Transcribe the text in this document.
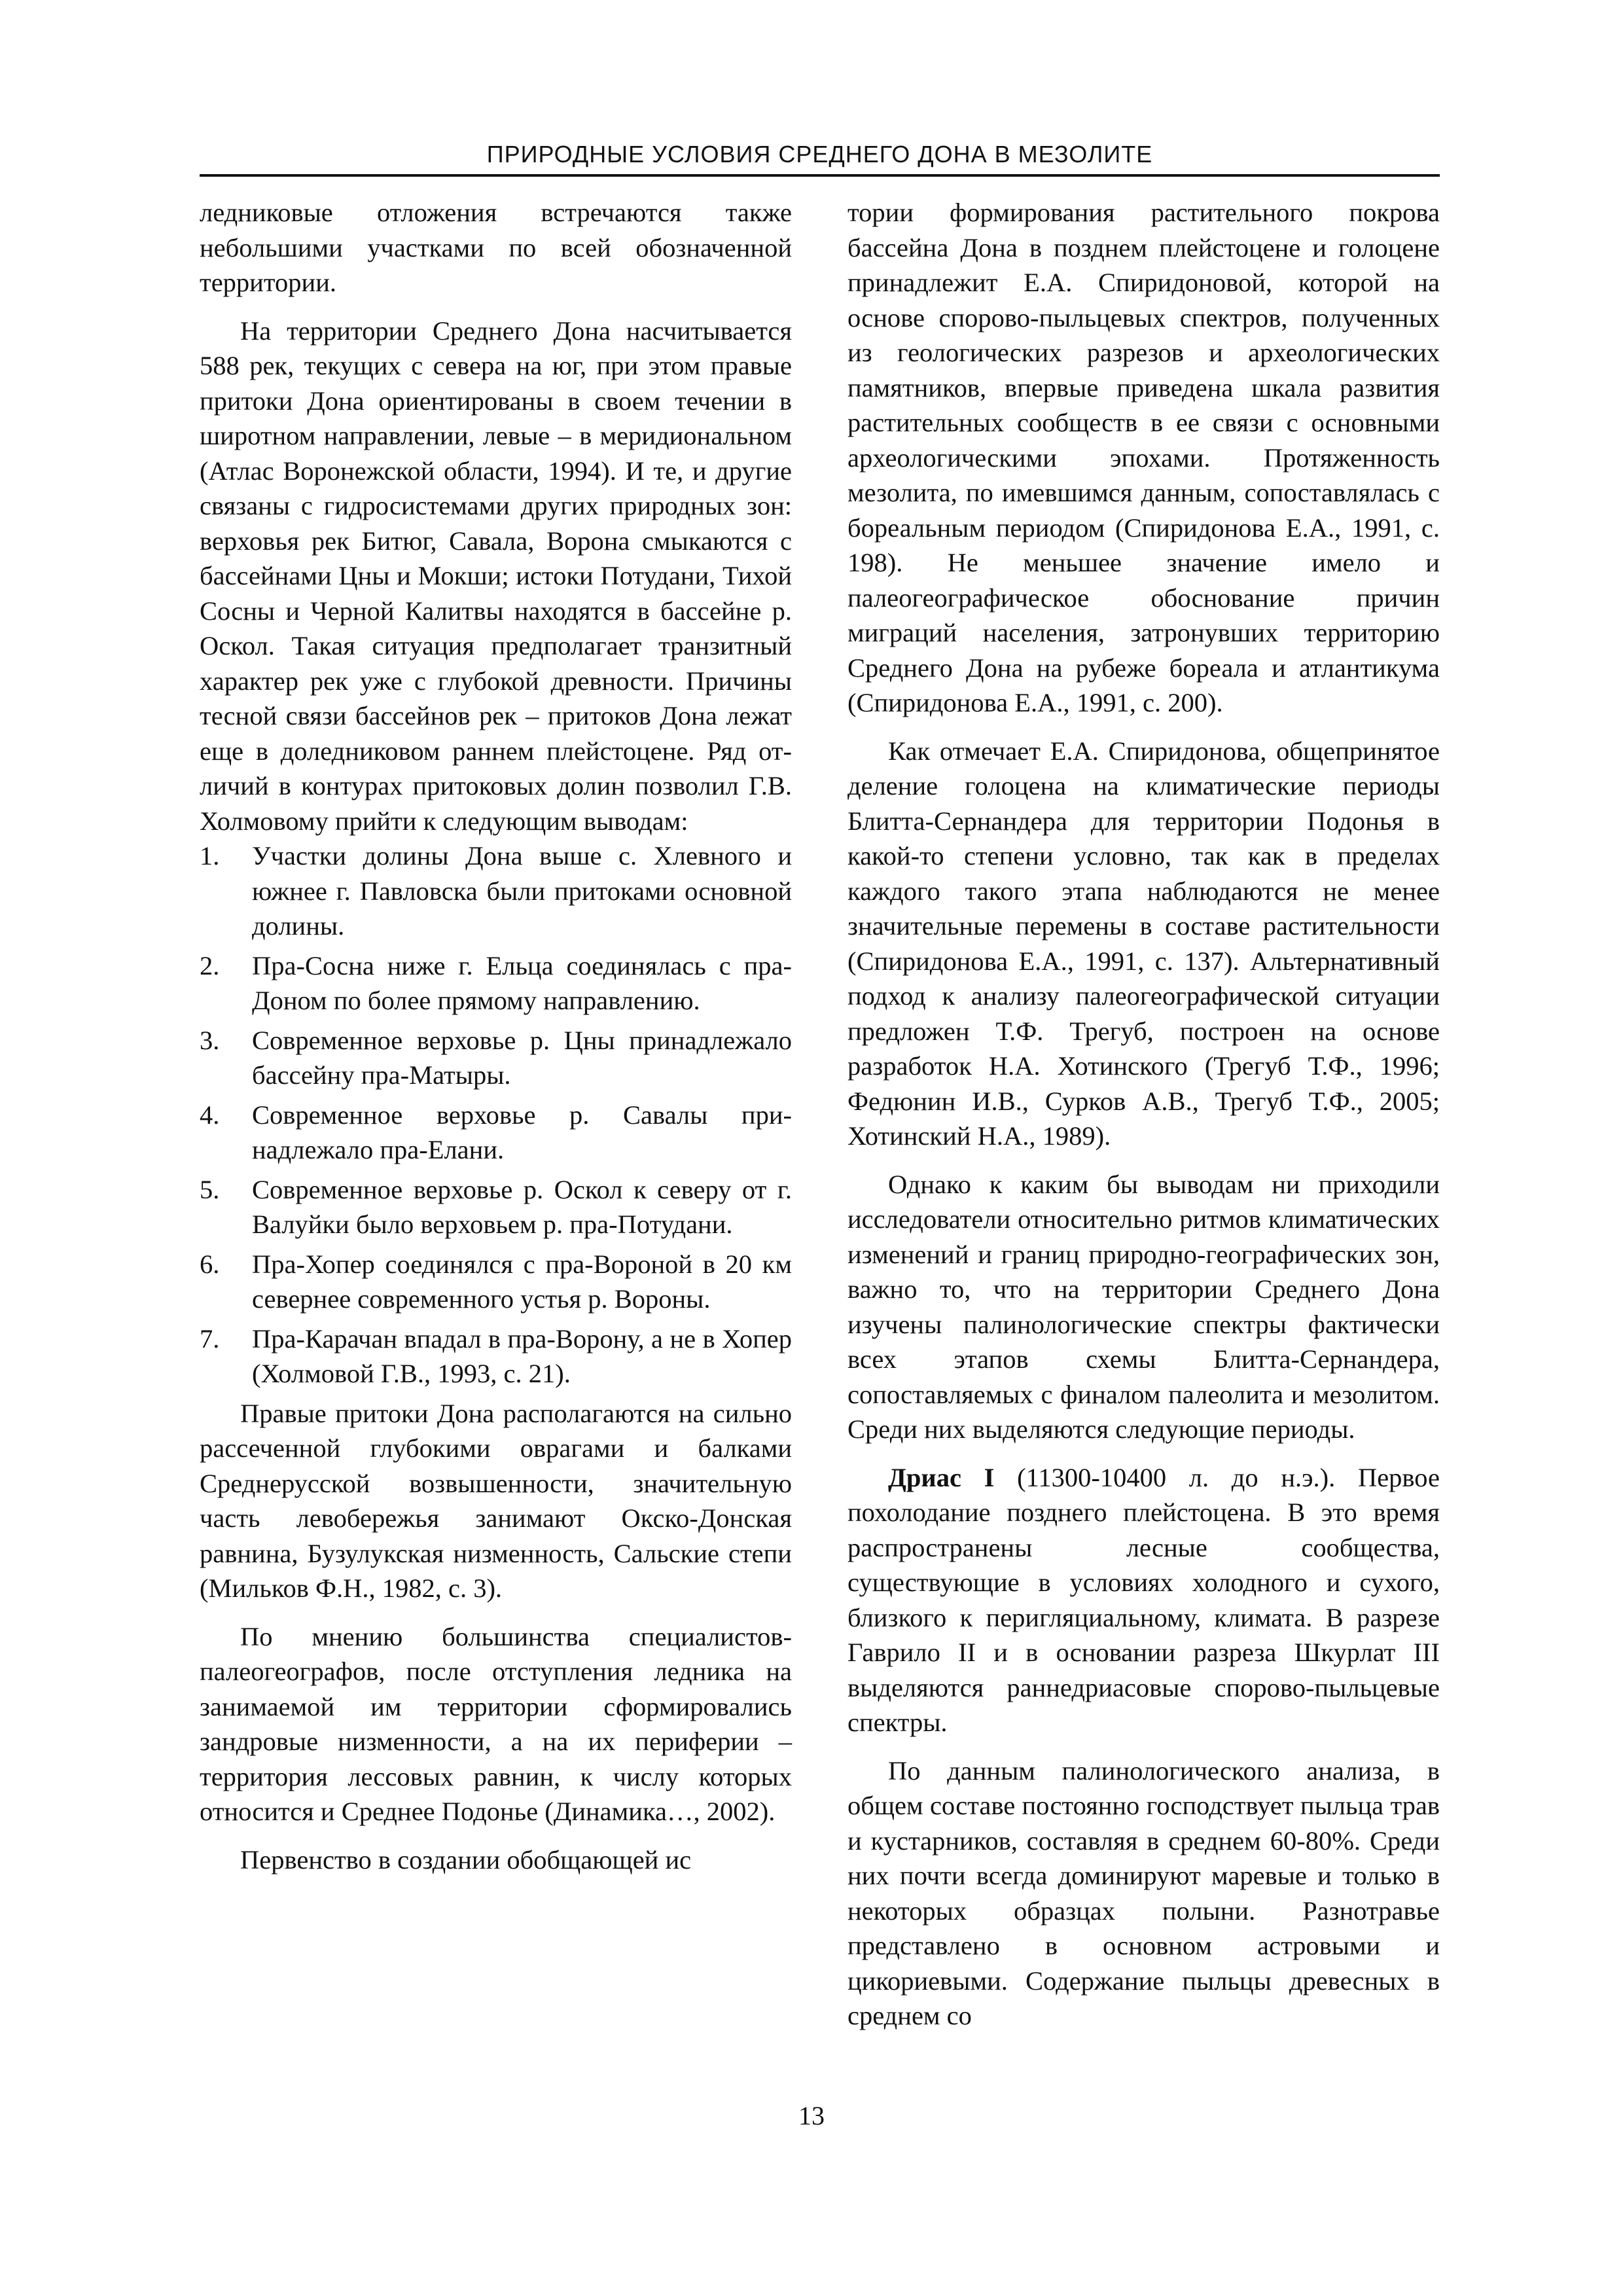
ПРИРОДНЫЕ УСЛОВИЯ СРЕДНЕГО ДОНА В МЕЗОЛИТЕ

ледниковые отложения встречаются также небольшими участками по всей обозначенной территории.

На территории Среднего Дона насчитывается 588 рек, текущих с севера на юг, при этом правые притоки Дона ориентированы в своем течении в широтном направлении, левые – в меридиональном (Атлас Воронежской области, 1994). И те, и другие связаны с гидросистемами других природных зон: верховья рек Битюг, Савала, Ворона смыкаются с бассейнами Цны и Мокши; истоки Потудани, Тихой Сосны и Черной Калитвы находятся в бассейне р. Оскол. Такая ситуация предполагает транзитный характер рек уже с глубокой древности. Причины тесной связи бассейнов рек – притоков Дона лежат еще в доледниковом раннем плейстоцене. Ряд отличий в контурах притоковых долин позволил Г.В. Холмовому прийти к следующим выводам:

1. Участки долины Дона выше с. Хлевного и южнее г. Павловска были притоками основной долины.
2. Пра-Сосна ниже г. Ельца соединялась с пра-Доном по более прямому направлению.
3. Современное верховье р. Цны принадлежало бассейну пра-Матыры.
4. Современное верховье р. Савалы принадлежало пра-Елани.
5. Современное верховье р. Оскол к северу от г. Валуйки было верховьем р. пра-Потудани.
6. Пра-Хопер соединялся с пра-Вороной в 20 км севернее современного устья р. Вороны.
7. Пра-Карачан впадал в пра-Ворону, а не в Хопер (Холмовой Г.В., 1993, с. 21).

Правые притоки Дона располагаются на сильно рассеченной глубокими оврагами и балками Среднерусской возвышенности, значительную часть левобережья занимают Окско-Донская равнина, Бузулукская низменность, Сальские степи (Мильков Ф.Н., 1982, с. 3).

По мнению большинства специалистов-палеогеографов, после отступления ледника на занимаемой им территории сформировались зандровые низменности, а на их периферии – территория лессовых равнин, к числу которых относится и Среднее Подонье (Динамика…, 2002).

Первенство в создании обобщающей ис

тории формирования растительного покрова бассейна Дона в позднем плейстоцене и голоцене принадлежит Е.А. Спиридоновой, которой на основе спорово-пыльцевых спектров, полученных из геологических разрезов и археологических памятников, впервые приведена шкала развития растительных сообществ в ее связи с основными археологическими эпохами. Протяженность мезолита, по имевшимся данным, сопоставлялась с бореальным периодом (Спиридонова Е.А., 1991, с. 198). Не меньшее значение имело и палеогеографическое обоснование причин миграций населения, затронувших территорию Среднего Дона на рубеже бореала и атлантикума (Спиридонова Е.А., 1991, с. 200).

Как отмечает Е.А. Спиридонова, общепринятое деление голоцена на климатические периоды Блитта-Сернандера для территории Подонья в какой-то степени условно, так как в пределах каждого такого этапа наблюдаются не менее значительные перемены в составе растительности (Спиридонова Е.А., 1991, с. 137). Альтернативный подход к анализу палеогеографической ситуации предложен Т.Ф. Трегуб, построен на основе разработок Н.А. Хотинского (Трегуб Т.Ф., 1996; Федюнин И.В., Сурков А.В., Трегуб Т.Ф., 2005; Хотинский Н.А., 1989).

Однако к каким бы выводам ни приходили исследователи относительно ритмов климатических изменений и границ природно-географических зон, важно то, что на территории Среднего Дона изучены палинологические спектры фактически всех этапов схемы Блитта-Сернандера, сопоставляемых с финалом палеолита и мезолитом. Среди них выделяются следующие периоды.

Дриас I (11300-10400 л. до н.э.). Первое похолодание позднего плейстоцена. В это время распространены лесные сообщества, существующие в условиях холодного и сухого, близкого к перигляциальному, климата. В разрезе Гаврило II и в основании разреза Шкурлат III выделяются раннедриасовые спорово-пыльцевые спектры.

По данным палинологического анализа, в общем составе постоянно господствует пыльца трав и кустарников, составляя в среднем 60-80%. Среди них почти всегда доминируют маревые и только в некоторых образцах полыни. Разнотравье представлено в основном астровыми и цикориевыми. Содержание пыльцы древесных в среднем со

13
